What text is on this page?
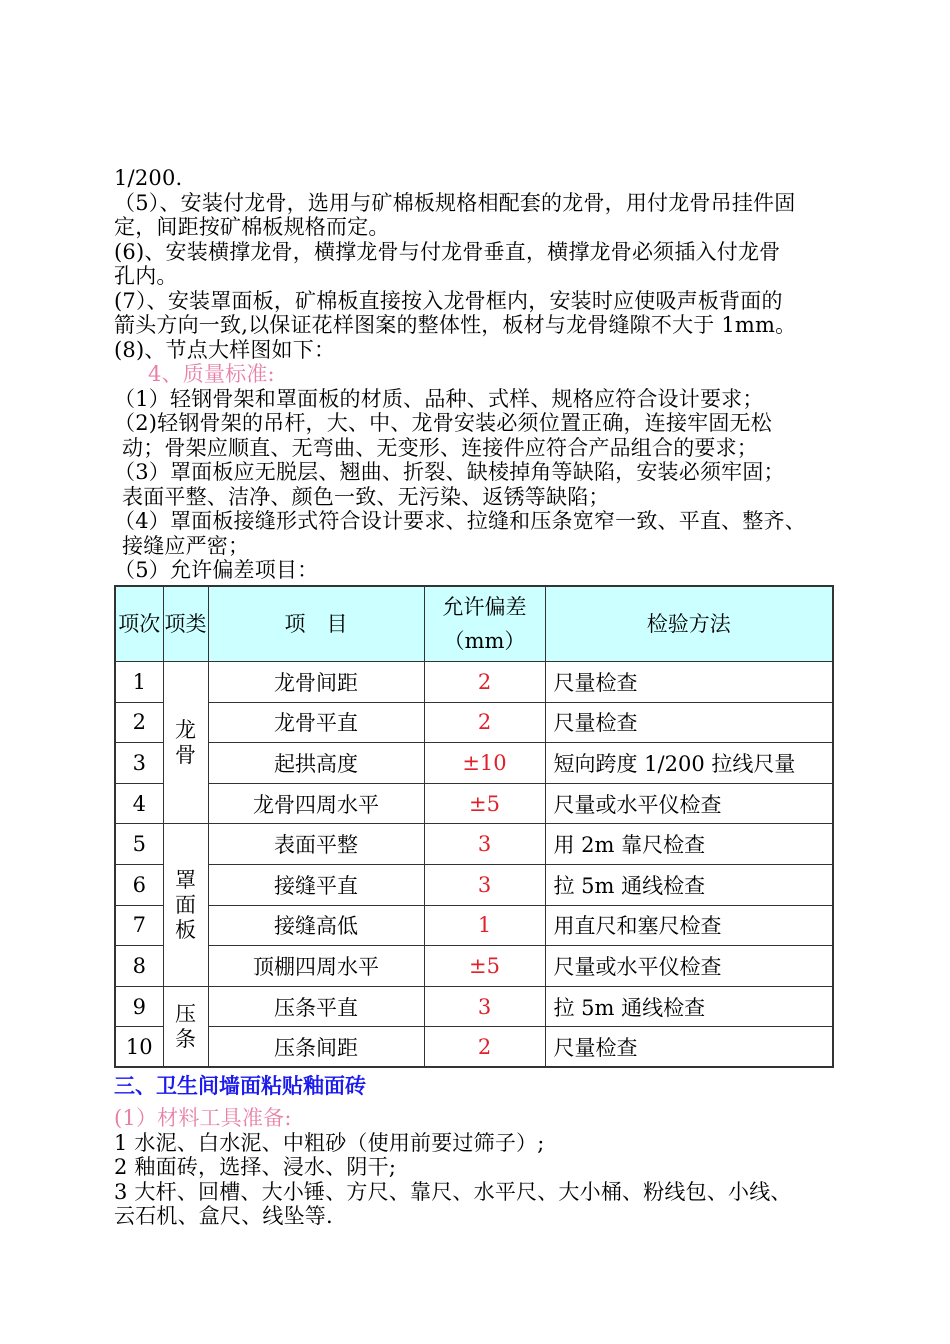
1/200.
（5）、安装付龙骨，选用与矿棉板规格相配套的龙骨，用付龙骨吊挂件固
定，间距按矿棉板规格而定。
(6)、安装横撑龙骨，横撑龙骨与付龙骨垂直，横撑龙骨必须插入付龙骨
孔内。
(7）、安装罩面板，矿棉板直接按入龙骨框内，安装时应使吸声板背面的
箭头方向一致,以保证花样图案的整体性，板材与龙骨缝隙不大于 1mm。
(8)、节点大样图如下：
4、质量标准:
（1）轻钢骨架和罩面板的材质、品种、式样、规格应符合设计要求；
（2)轻钢骨架的吊杆，大、中、龙骨安装必须位置正确，连接牢固无松
动；骨架应顺直、无弯曲、无变形、连接件应符合产品组合的要求；
（3）罩面板应无脱层、翘曲、折裂、缺棱掉角等缺陷，安装必须牢固；
表面平整、洁净、颜色一致、无污染、返锈等缺陷；
（4）罩面板接缝形式符合设计要求、拉缝和压条宽窄一致、平直、整齐、
接缝应严密；
（5）允许偏差项目：
项次	项类	项　目	允许偏差（mm）	检验方法
1	龙骨	龙骨间距	2	尺量检查
2		龙骨平直	2	尺量检查
3		起拱高度	±10	短向跨度 1/200 拉线尺量
4		龙骨四周水平	±5	尺量或水平仪检查
5	罩面板	表面平整	3	用 2m 靠尺检查
6		接缝平直	3	拉 5m 通线检查
7		接缝高低	1	用直尺和塞尺检查
8		顶棚四周水平	±5	尺量或水平仪检查
9	压条	压条平直	3	拉 5m 通线检查
10		压条间距	2	尺量检查
三、卫生间墙面粘贴釉面砖
(1）材料工具准备:
1 水泥、白水泥、中粗砂（使用前要过筛子）;
2 釉面砖，选择、浸水、阴干;
3 大杆、回槽、大小锤、方尺、靠尺、水平尺、大小桶、粉线包、小线、
云石机、盒尺、线坠等.
